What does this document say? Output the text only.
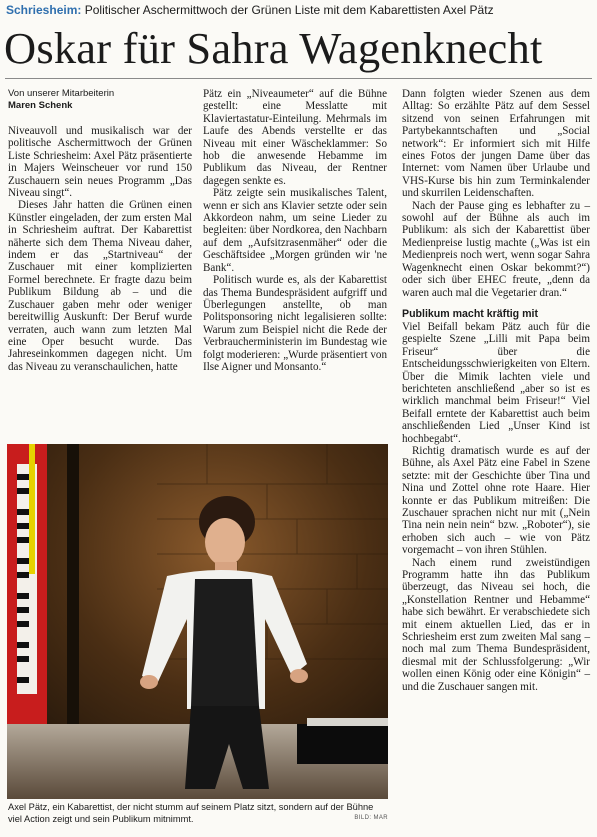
Schriesheim: Politischer Aschermittwoch der Grünen Liste mit dem Kabarettisten Axel Pätz
Oskar für Sahra Wagenknecht
Von unserer Mitarbeiterin
Maren Schenk

Niveauvoll und musikalisch war der politische Aschermittwoch der Grünen Liste Schriesheim: Axel Pätz präsentierte in Majers Weinscheuer vor rund 150 Zuschauern sein neues Programm „Das Niveau singt“.

Dieses Jahr hatten die Grünen einen Künstler eingeladen, der zum ersten Mal in Schriesheim auftrat. Der Kabarettist näherte sich dem Thema Niveau daher, indem er das „Startniveau“ der Zuschauer mit einer komplizierten Formel berechnete. Er fragte dazu beim Publikum Bildung ab – und die Zuschauer gaben mehr oder weniger bereitwillig Auskunft: Der Beruf wurde verraten, auch wann zum letzten Mal eine Oper besucht wurde. Das Jahreseinkommen dagegen nicht. Um das Niveau zu veranschaulichen, hatte

Pätz ein „Niveaumeter“ auf die Bühne gestellt: eine Messlatte mit Klaviertastatur-Einteilung. Mehrmals im Laufe des Abends verstellte er das Niveau mit einer Wäscheklammer: So hob die anwesende Hebamme im Publikum das Niveau, der Rentner dagegen senkte es.

Pätz zeigte sein musikalisches Talent, wenn er sich ans Klavier setzte oder sein Akkordeon nahm, um seine Lieder zu begleiten: über Nordkorea, den Nachbarn auf dem „Aufsitzrasenmäher“ oder die Geschäftsidee „Morgen gründen wir 'ne Bank“.

Politisch wurde es, als der Kabarettist das Thema Bundespräsident aufgriff und Überlegungen anstellte, ob man Politsponsoring nicht legalisieren sollte: Warum zum Beispiel nicht die Rede der Verbraucherministerin im Bundestag wie folgt moderieren: „Wurde präsentiert von Ilse Aigner und Monsanto.“

Dann folgten wieder Szenen aus dem Alltag: So erzählte Pätz auf dem Sessel sitzend von seinen Erfahrungen mit Partybekanntschaften und „Social network“: Er informiert sich mit Hilfe eines Fotos der jungen Dame über das Internet: vom Namen über Urlaube und VHS-Kurse bis hin zum Terminkalender und skurrilen Leidenschaften.

Nach der Pause ging es lebhafter zu – sowohl auf der Bühne als auch im Publikum: als sich der Kabarettist über Medienpreise lustig machte („Was ist ein Medienpreis noch wert, wenn sogar Sahra Wagenknecht einen Oskar bekommt?“) oder sich über EHEC freute, „denn da waren auch mal die Vegetarier dran.“

Publikum macht kräftig mit

Viel Beifall bekam Pätz auch für die gespielte Szene „Lilli mit Papa beim Friseur“ über die Entscheidungsschwierigkeiten von Eltern. Über die Mimik lachten viele und berichteten anschließend „aber so ist es wirklich manchmal beim Friseur!“ Viel Beifall erntete der Kabarettist auch beim anschließenden Lied „Unser Kind ist hochbegabt“.

Richtig dramatisch wurde es auf der Bühne, als Axel Pätz eine Fabel in Szene setzte: mit der Geschichte über Tina und Nina und Zottel ohne rote Haare. Hier konnte er das Publikum mitreißen: Die Zuschauer sprachen nicht nur mit („Nein Tina nein nein nein“ bzw. „Roboter“), sie erhoben sich auch – wie von Pätz vorgemacht – von ihren Stühlen.

Nach einem rund zweistündigen Programm hatte ihn das Publikum überzeugt, das Niveau sei hoch, die „Konstellation Rentner und Hebamme“ habe sich bewährt. Er verabschiedete sich mit einem aktuellen Lied, das er in Schriesheim erst zum zweiten Mal sang – noch mal zum Thema Bundespräsident, diesmal mit der Schlussfolgerung: „Wir wollen einen König oder eine Königin“ – und die Zuschauer sangen mit.

Axel Pätz, ein Kabarettist, der nicht stumm auf seinem Platz sitzt, sondern auf der Bühne viel Action zeigt und sein Publikum mitnimmt.	BILD: MAR
